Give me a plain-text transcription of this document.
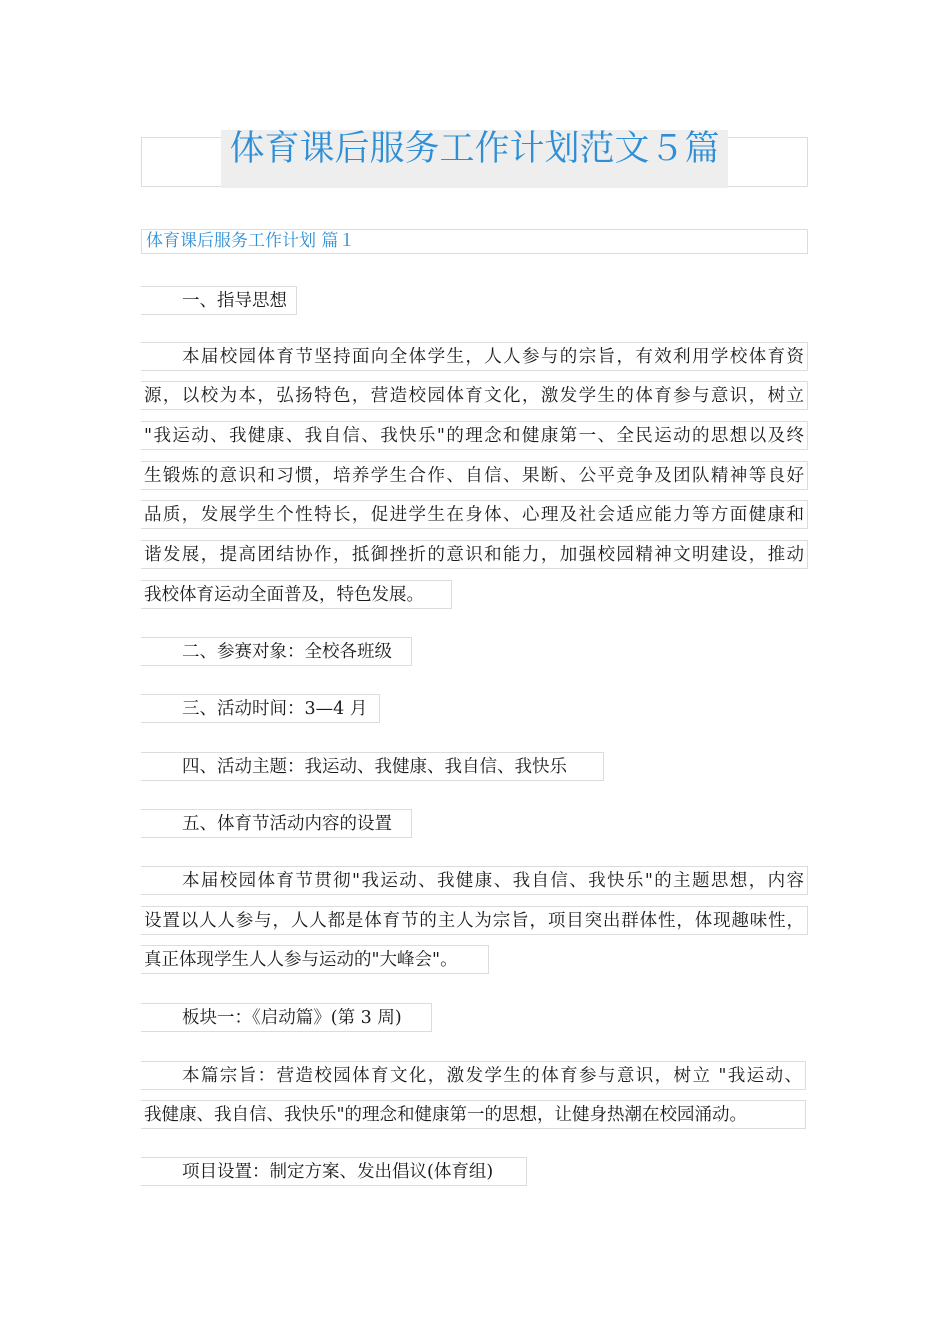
体育课后服务工作计划范文５篇
体育课后服务工作计划 篇１
一、指导思想
本届校园体育节坚持面向全体学生，人人参与的宗旨，有效利用学校体育资
源，以校为本，弘扬特色，营造校园体育文化，激发学生的体育参与意识，树立
"我运动、我健康、我自信、我快乐"的理念和健康第一、全民运动的思想以及终
生锻炼的意识和习惯，培养学生合作、自信、果断、公平竞争及团队精神等良好
品质，发展学生个性特长，促进学生在身体、心理及社会适应能力等方面健康和
谐发展，提高团结协作，抵御挫折的意识和能力，加强校园精神文明建设，推动
我校体育运动全面普及，特色发展。
二、参赛对象：全校各班级
三、活动时间：3—4 月
四、活动主题：我运动、我健康、我自信、我快乐
五、体育节活动内容的设置
本届校园体育节贯彻"我运动、我健康、我自信、我快乐"的主题思想，内容
设置以人人参与，人人都是体育节的主人为宗旨，项目突出群体性，体现趣味性，
真正体现学生人人参与运动的"大峰会"。
板块一：《启动篇》(第 3 周)
本篇宗旨：营造校园体育文化，激发学生的体育参与意识，树立 "我运动、
我健康、我自信、我快乐"的理念和健康第一的思想，让健身热潮在校园涌动。
项目设置：制定方案、发出倡议(体育组)
